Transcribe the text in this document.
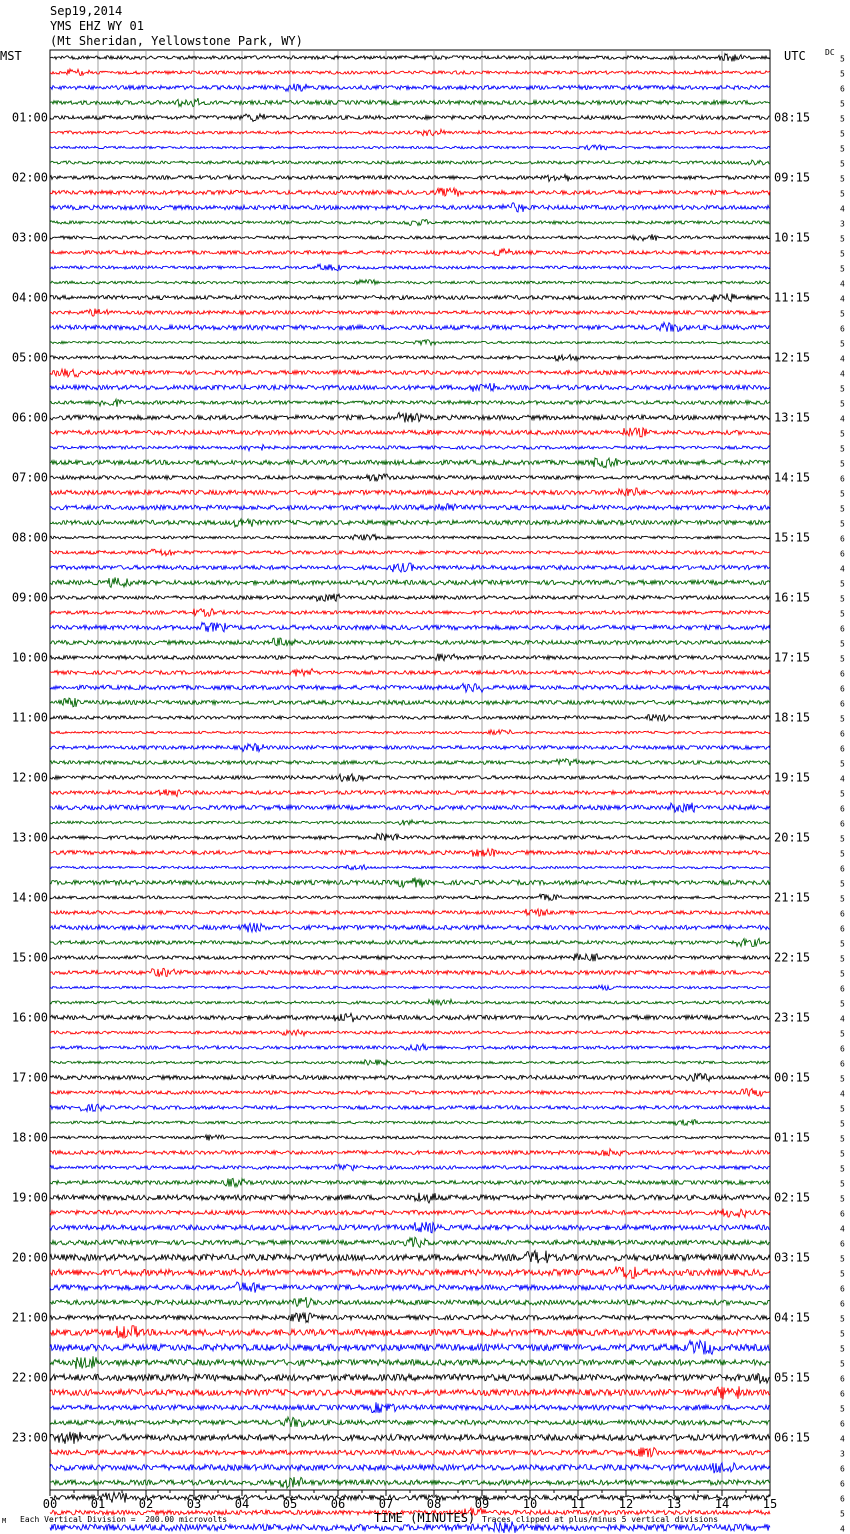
Sep19,2014
YMS EHZ WY 01
(Mt Sheridan, Yellowstone Park, WY)
MST	UTC DC
00	01	02	03	04	05	06	07	08	09	10	11	12	13	14	15
5
5
6
5
5
5
5
5
5
5
4
3
5
5
5
4
4
5
6
5
4
4
5
5
4
5
5
5
6
5
5
5
6
6
4
5
5
5
6
5
5
6
6
6
5
6
6
5
4
5
6
6
5
5
6
5
5
6
6
5
5
5
6
5
4
5
6
6
5
4
5
5
5
5
5
5
5
6
4
6
5
5
6
6
5
5
5
5
6
6
5
6
4
3
6
6
6
5
4
01:00
02:00
03:00
04:00
05:00
06:00
07:00
08:00
09:00
10:00
11:00
12:00
13:00
14:00
15:00
16:00
17:00
18:00
19:00
20:00
21:00
22:00
23:00
08:15
09:15
10:15
11:15
12:15
13:15
14:15
15:15
16:15
17:15
18:15
19:15
20:15
21:15
22:15
23:15
00:15
01:15
02:15
03:15
04:15
05:15
06:15
M Each Vertical Division =  200.00 microvolts	TIME (MINUTES) Traces clipped at plus/minus 5 vertical divisions
